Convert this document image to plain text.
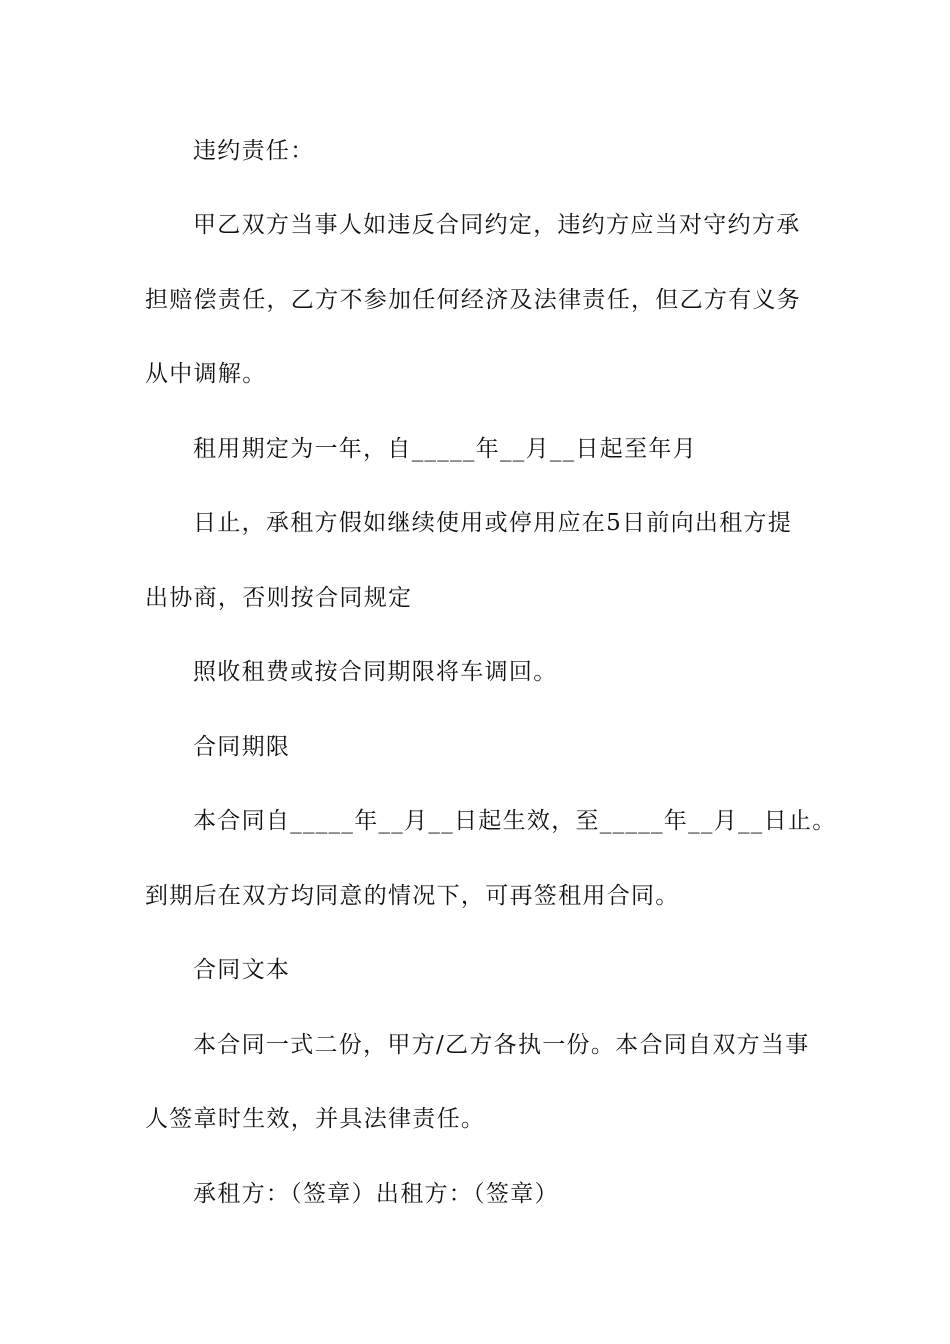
违约责任：

甲乙双方当事人如违反合同约定，违约方应当对守约方承

担赔偿责任，乙方不参加任何经济及法律责任，但乙方有义务

从中调解。

租用期定为一年，自_____年__月__日起至年月

日止，承租方假如继续使用或停用应在5日前向出租方提

出协商，否则按合同规定

照收租费或按合同期限将车调回。

合同期限

本合同自_____年__月__日起生效，至_____年__月__日止。

到期后在双方均同意的情况下，可再签租用合同。

合同文本

本合同一式二份，甲方/乙方各执一份。本合同自双方当事

人签章时生效，并具法律责任。

承租方：（签章）出租方：（签章）
